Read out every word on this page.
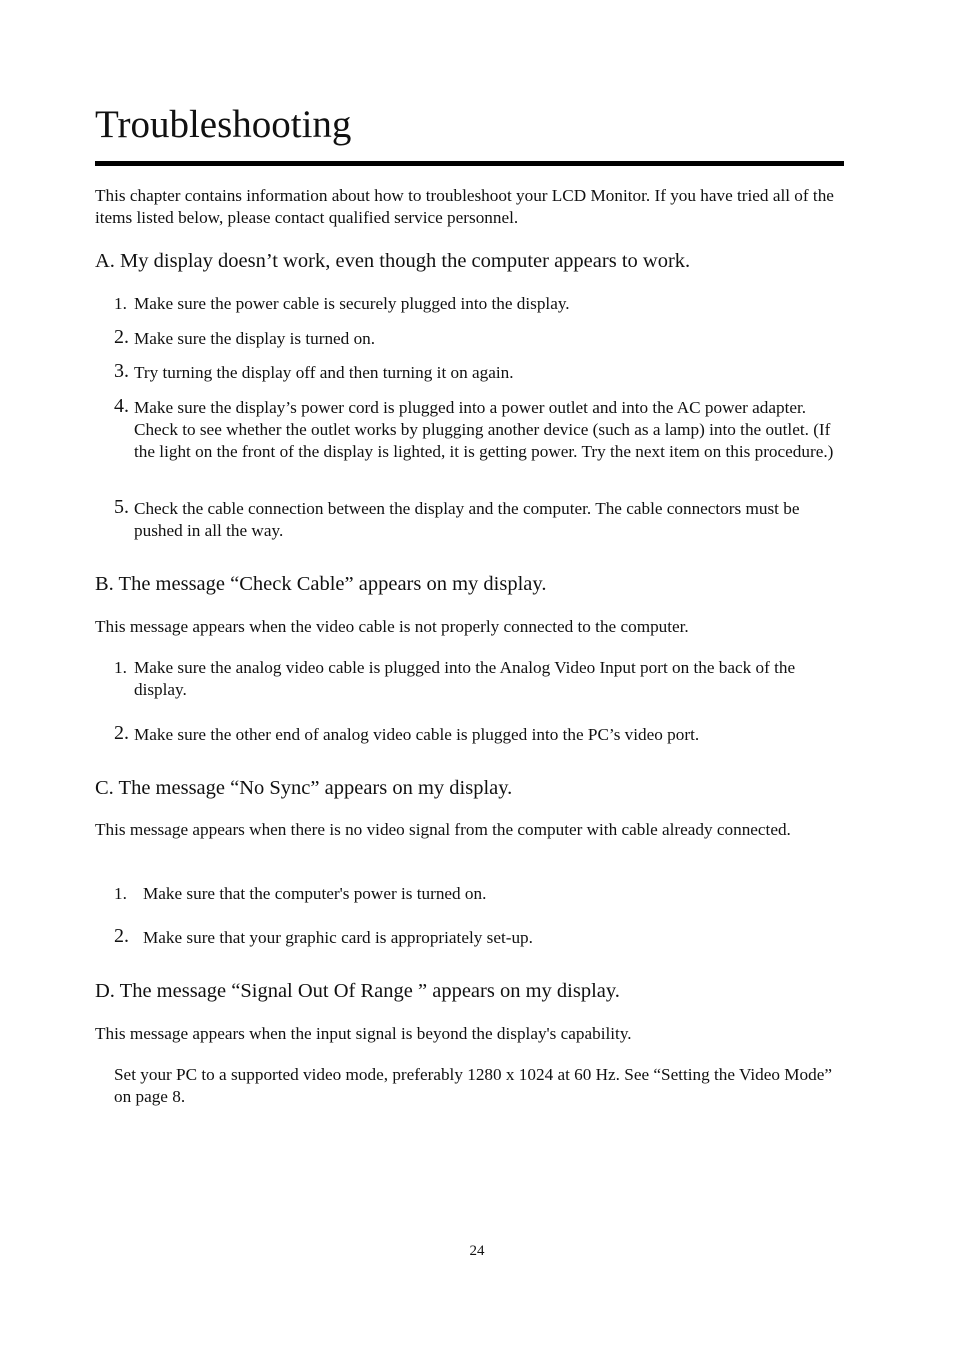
Troubleshooting

This chapter contains information about how to troubleshoot your LCD Monitor. If you have tried all of the items listed below, please contact qualified service personnel.

A. My display doesn’t work, even though the computer appears to work.

1. Make sure the power cable is securely plugged into the display.
2. Make sure the display is turned on.
3. Try turning the display off and then turning it on again.
4. Make sure the display’s power cord is plugged into a power outlet and into the AC power adapter. Check to see whether the outlet works by plugging another device (such as a lamp) into the outlet. (If the light on the front of the display is lighted, it is getting power. Try the next item on this procedure.)
5. Check the cable connection between the display and the computer. The cable connectors must be pushed in all the way.

B. The message “Check Cable” appears on my display.

This message appears when the video cable is not properly connected to the computer.

1. Make sure the analog video cable is plugged into the Analog Video Input port on the back of the display.
2. Make sure the other end of analog video cable is plugged into the PC’s video port.

C. The message “No Sync” appears on my display.

This message appears when there is no video signal from the computer with cable already connected.

1. Make sure that the computer's power is turned on.
2. Make sure that your graphic card is appropriately set-up.

D. The message “Signal Out Of Range ” appears on my display.

This message appears when the input signal is beyond the display's capability.

Set your PC to a supported video mode, preferably 1280 x 1024 at 60 Hz. See “Setting the Video Mode” on page 8.

24
